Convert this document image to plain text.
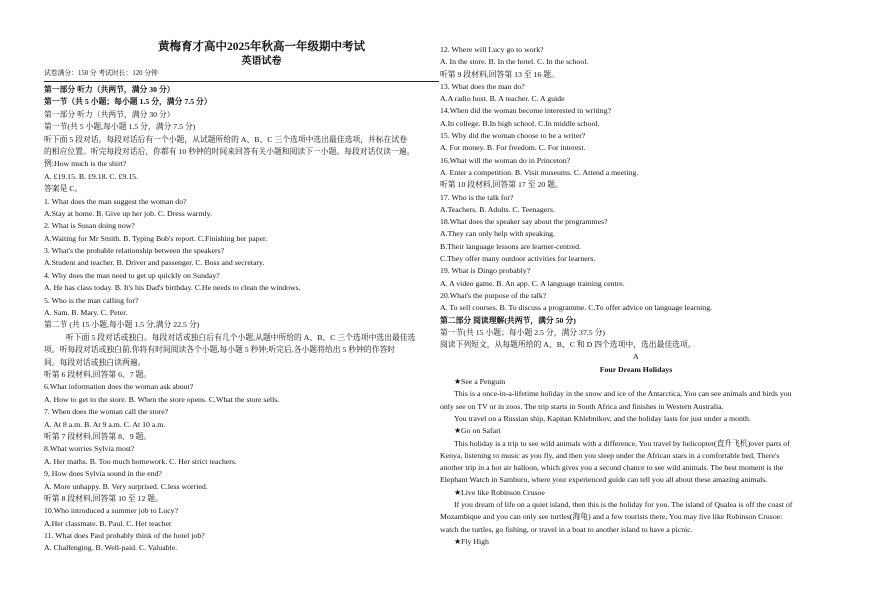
黄梅育才高中2025年秋高一年级期中考试
英语试卷
试卷满分：150 分 考试时长：120 分钟
第一部分 听力（共两节，满分 30 分）
第一节（共 5 小题；每小题 1.5 分，满分 7.5 分）
第一部分 听力（共两节，满分 30 分）
第一节(共 5 小题,每小题 1.5 分，满分 7.5 分)
听下面 5 段对话。每段对话后有一个小题，从试题所给的 A、B、C 三个选项中选出最佳选项，并标在试卷
的相应位置。听完每段对话后，你都有 10 秒钟的时间来回答有关小题和阅读下一小题。每段对话仅读一遍。
例:How much is the shirt?
A. £19.15. B. £9.18. C. £9.15.
答案是 C。
1. What does the man suggest the woman do?
A.Stay at home. B. Give up her job. C. Dress warmly.
2. What is Susan doing now?
A.Waiting for Mr Smith. B. Typing Bob's report. C.Finishing her paper.
3. What's the probable relationship between the speakers?
A.Student and teacher. B. Driver and passenger. C. Boss and secretary.
4. Why does the man need to get up quickly on Sunday?
A. He has class today. B. It's his Dad's birthday. C.He needs to clean the windows.
5. Who is the man calling for?
A. Sam. B. Mary. C. Peter.
第二节 (共 15 小题,每小题 1.5 分,满分 22.5 分)
听下面 5 段对话或独白。每段对话或独白后有几个小题,从题中所给的 A、B、C 三个选项中选出最佳选
项。听每段对话或独白前,你将有时间阅读各个小题,每小题 5 秒钟;听完后,各小题将给出 5 秒钟的作答时
间。每段对话或独白读两遍。
听第 6 段材料,回答第 6、7 题。
6.What information does the woman ask about?
A. How to get to the store. B. When the store opens. C.What the store sells.
7. When does the woman call the store?
A. At 8 a.m. B. At 9 a.m. C. At 10 a.m.
听第 7 段材料,回答第 8、9 题。
8.What worries Sylvia most?
A. Her maths. B. Too much homework. C. Her strict teachers.
9, How does Sylvia sound in the end?
A. More unhappy. B. Very surprised. C.less worried.
听第 8 段材料,回答第 10 至 12 题。
10.Who introduced a summer job to Lucy?
A.Her classmate. B. Paul. C. Her teacher
11. What does Paul probably think of the hotel job?
A. Challenging. B. Well-paid. C. Valuable.
12. Where will Lucy go to work?
A. In the store. B. In the hotel. C. In the school.
听第 9 段材料,回答第 13 至 16 题。
13. What does the man do?
A.A radio host. B. A teacher. C. A guide
14.When did the woman become interested in writing?
A.In college. B.In high school. C.In middle school.
15. Why did the woman choose to be a writer?
A. For money. B. For freedom. C. For interest.
16.What will the woman do in Princeton?
A. Enter a competition. B. Visit museums. C. Attend a meeting.
听第 10 段材料,回答第 17 至 20 题。
17. Who is the talk for?
A.Teachers. B. Adults. C. Teenagers.
18.What does the speaker say about the programmes?
A.They can only help with speaking.
B.Their language lessons are learner-centred.
C.They offer many outdoor activities for learners.
19. What is Dingo probably?
A. A video game. B. An app. C. A language training centre.
20.What's the purpose of the talk?
A. To sell courses. B. To discuss a programme. C.To offer advice on language learning.
第二部分 阅读理解(共两节，满分 50 分)
第一节(共 15 小题；每小题 2.5 分，满分 37.5 分)
阅读下列短文，从每题所给的 A、B、C 和 D 四个选项中，选出最佳选项。
A
Four Dream Holidays
★See a Penguin
This is a once-in-a-lifetime holiday in the snow and ice of the Antarctica, You can see animals and birds you
only see on TV or in zoos. The trip starts in South Africa and finishes in Western Australia.
You travel on a Russian ship, Kapitan Khlebnikov, and the holiday lasts for just under a month.
★Go on Safari
This holiday is a trip to see wild animals with a difference, You travel by helicopter(直升飞机)over parts of
Kenya, listening to music as you fly, and then you sleep under the African stars in a comfortable bed, There's
another trip in a hot air balloon, which gives you a second chance to see wild animals. The best moment is the
Elephant Watch in Samburu, where your experienced guide can tell you all about these amazing animals.
★Live like Robinson Crusoe
If you dream of life on a quiet island, then this is the holiday for you. The island of Qualea is off the coast of
Mozambique and you can only see turtles(海龟) and a few tourists there, You may live like Robinson Crusoe:
watch the turtles, go fishing, or travel in a boat to another island to have a picnic.
★Fly High
